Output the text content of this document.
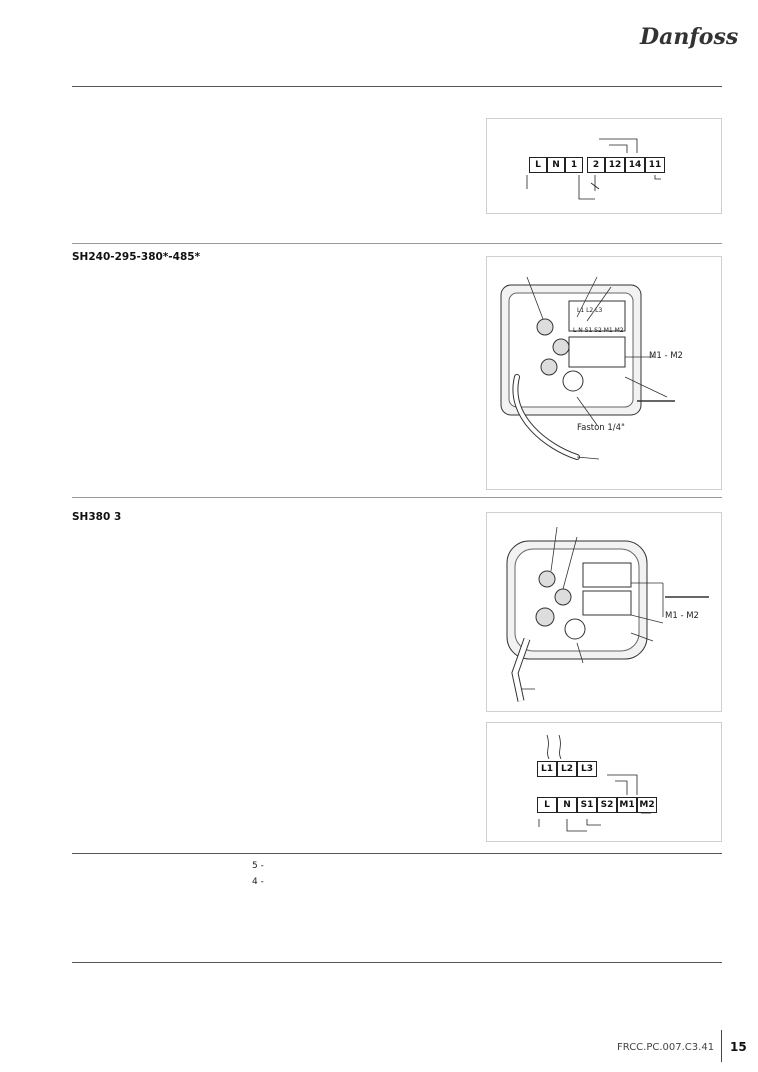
Danfoss

L	N	1	2	12 14 11
SH240-295-380*-485*

L1 L2 L3
L N S1 S2 M1 M2
M1 - M2
Faston 1/4"
SH380 3

M1 - M2

L1 L2 L3
L	N	S1 S2 M1 M2

5 -

4 -

FRCC.PC.007.C3.41 15
